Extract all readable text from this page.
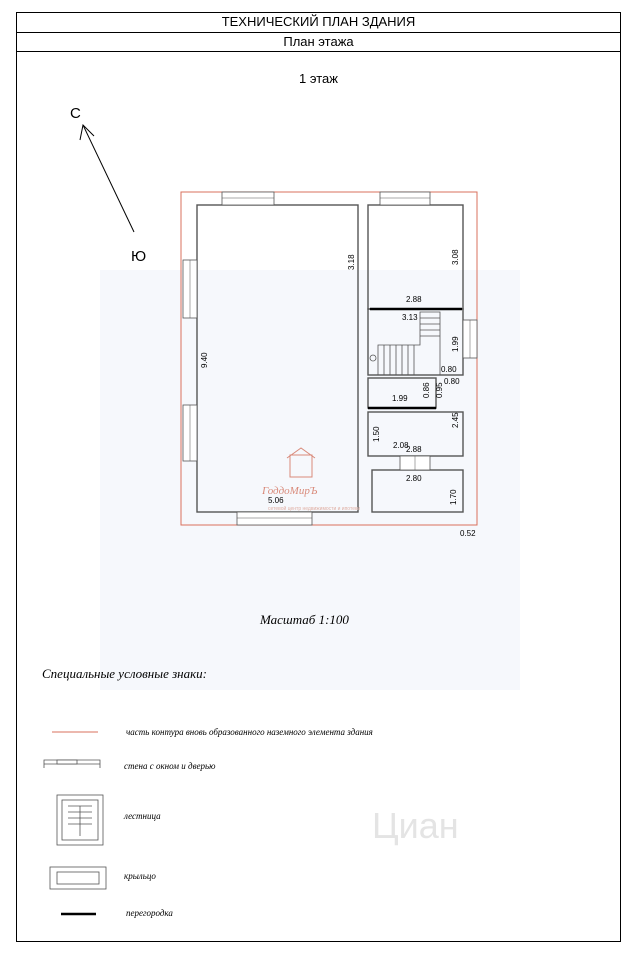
ТЕХНИЧЕСКИЙ ПЛАН ЗДАНИЯ
План этажа
1 этаж
С
Ю
9.40
5.06
3.18	3.08
2.88
3.13
1.99
0.80
0.95
0.80
0.86
1.99
2.08
1.50
2.45
2.88
2.80
1.70
0.52
ГоддоМирЪ
сетевой центр недвижимости и ипотеки
Циан
Масштаб 1:100
Специальные условные знаки:
часть контура вновь образованного наземного элемента здания
стена с окном и дверью
лестница
крыльцо
перегородка
